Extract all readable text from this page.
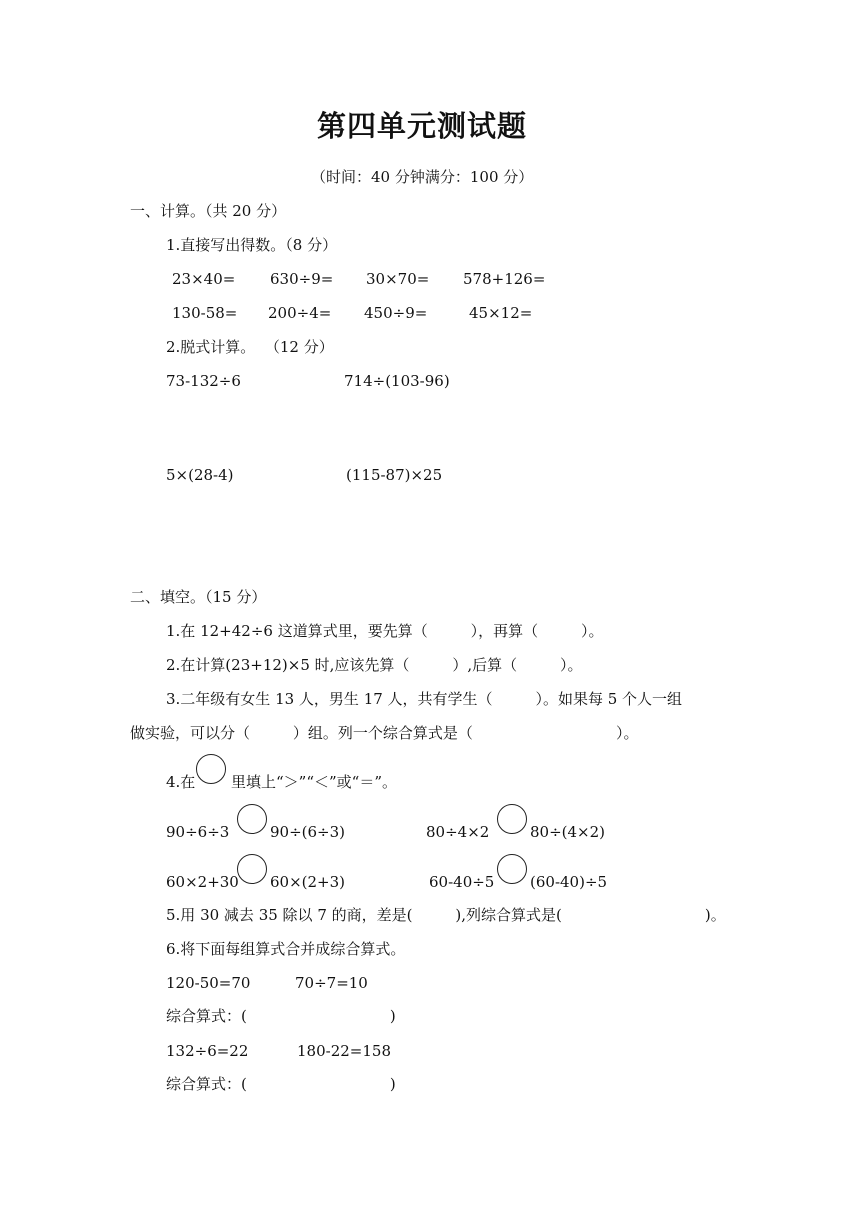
第四单元测试题
（时间：40 分钟满分：100 分）
一、计算。（共 20 分）
1.直接写出得数。（8 分）
23×40= 630÷9= 30×70= 578+126=
130-58= 200÷4= 450÷9=	45×12=
2.脱式计算。  （12 分）
73-132÷6	714÷(103-96)
5×(28-4)	(115-87)×25
二、填空。（15 分）
1.在 12+42÷6 这道算式里，要先算（         ），再算（         ）。
2.在计算(23+12)×5 时,应该先算（         ）,后算（         ）。
3.二年级有女生 13 人，男生 17 人，共有学生（         ）。如果每 5 个人一组
做实验，可以分（         ）组。列一个综合算式是（                              ）。
4.在 里填上“＞”“＜”或“＝”。
90÷6÷3	90÷(6÷3)	80÷4×2	80÷(4×2)
60×2+30 60×(2+3)	60-40÷5 (60-40)÷5
5.用 30 减去 35 除以 7 的商，差是(         ),列综合算式是(                              )。
6.将下面每组算式合并成综合算式。
120-50=70	70÷7=10
综合算式：(                              )
132÷6=22	180-22=158
综合算式：(                              )
